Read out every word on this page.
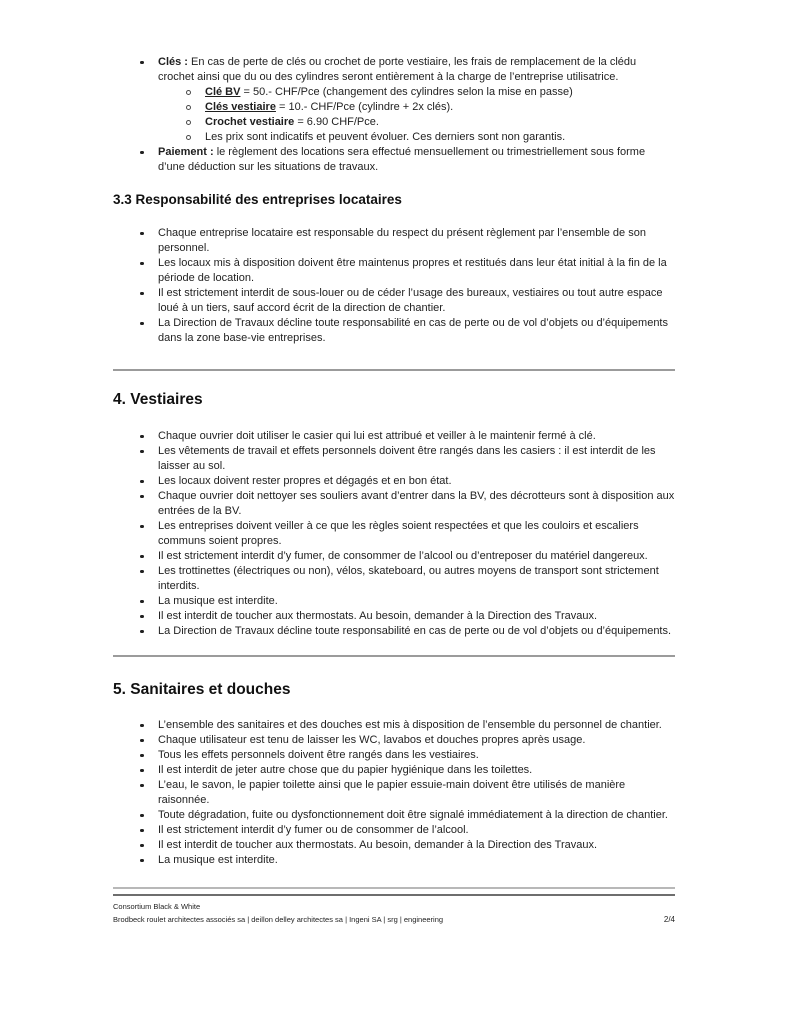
Clés : En cas de perte de clés ou crochet de porte vestiaire, les frais de remplacement de la clédu crochet ainsi que du ou des cylindres seront entièrement à la charge de l’entreprise utilisatrice.
Clé BV = 50.- CHF/Pce (changement des cylindres selon la mise en passe)
Clés vestiaire = 10.- CHF/Pce (cylindre + 2x clés).
Crochet vestiaire = 6.90 CHF/Pce.
Les prix sont indicatifs et peuvent évoluer. Ces derniers sont non garantis.
Paiement : le règlement des locations sera effectué mensuellement ou trimestriellement sous forme d’une déduction sur les situations de travaux.
3.3 Responsabilité des entreprises locataires
Chaque entreprise locataire est responsable du respect du présent règlement par l’ensemble de son personnel.
Les locaux mis à disposition doivent être maintenus propres et restitués dans leur état initial à la fin de la période de location.
Il est strictement interdit de sous-louer ou de céder l’usage des bureaux, vestiaires ou tout autre espace loué à un tiers, sauf accord écrit de la direction de chantier.
La Direction de Travaux décline toute responsabilité en cas de perte ou de vol d’objets ou d’équipements dans la zone base-vie entreprises.
4. Vestiaires
Chaque ouvrier doit utiliser le casier qui lui est attribué et veiller à le maintenir fermé à clé.
Les vêtements de travail et effets personnels doivent être rangés dans les casiers : il est interdit de les laisser au sol.
Les locaux doivent rester propres et dégagés et en bon état.
Chaque ouvrier doit nettoyer ses souliers avant d’entrer dans la BV, des décrotteurs sont à disposition aux entrées de la BV.
Les entreprises doivent veiller à ce que les règles soient respectées et que les couloirs et escaliers communs soient propres.
Il est strictement interdit d’y fumer, de consommer de l’alcool ou d’entreposer du matériel dangereux.
Les trottinettes (électriques ou non), vélos, skateboard, ou autres moyens de transport sont strictement interdits.
La musique est interdite.
Il est interdit de toucher aux thermostats. Au besoin, demander à la Direction des Travaux.
La Direction de Travaux décline toute responsabilité en cas de perte ou de vol d’objets ou d’équipements.
5. Sanitaires et douches
L’ensemble des sanitaires et des douches est mis à disposition de l’ensemble du personnel de chantier.
Chaque utilisateur est tenu de laisser les WC, lavabos et douches propres après usage.
Tous les effets personnels doivent être rangés dans les vestiaires.
Il est interdit de jeter autre chose que du papier hygiénique dans les toilettes.
L’eau, le savon, le papier toilette ainsi que le papier essuie-main doivent être utilisés de manière raisonnée.
Toute dégradation, fuite ou dysfonctionnement doit être signalé immédiatement à la direction de chantier.
Il est strictement interdit d’y fumer ou de consommer de l’alcool.
Il est interdit de toucher aux thermostats. Au besoin, demander à la Direction des Travaux.
La musique est interdite.
Consortium Black & White
Brodbeck roulet architectes associés sa | deillon delley architectes sa | Ingeni SA | srg | engineering	2/4
